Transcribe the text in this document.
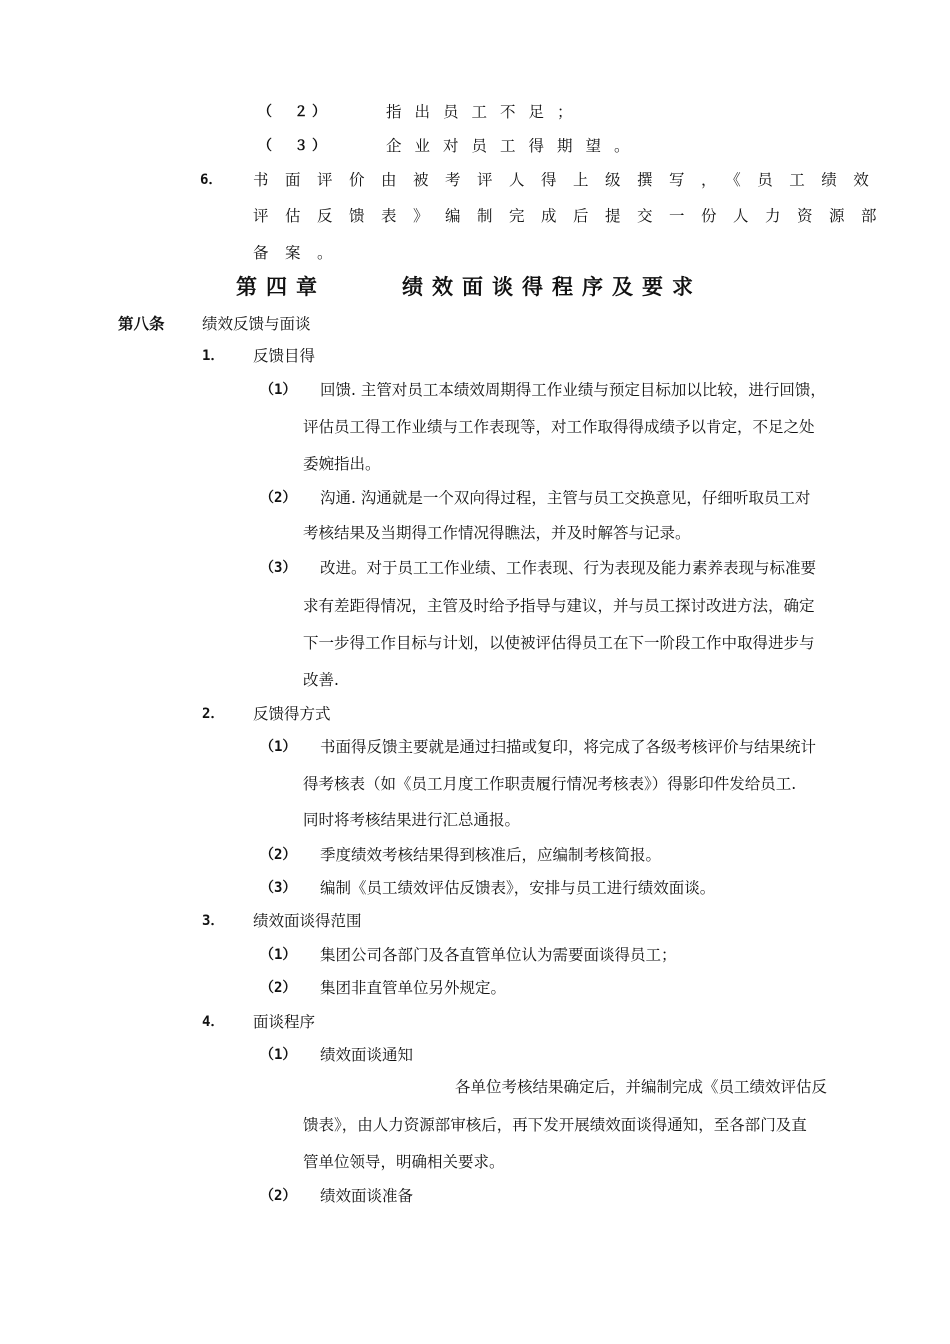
（　２）	指出员工不足；
（　３）	企业对员工得期望。
6． 书面评价由被考评人得上级撰写，《员工绩效
评估反馈表》编制完成后提交一份人力资源部
备案。
第四章	绩效面谈得程序及要求
第八条 绩效反馈与面谈
1． 反馈目得
（1） 回馈. 主管对员工本绩效周期得工作业绩与预定目标加以比较，进行回馈，
评估员工得工作业绩与工作表现等，对工作取得得成绩予以肯定，不足之处
委婉指出。
（2） 沟通. 沟通就是一个双向得过程，主管与员工交换意见，仔细听取员工对
考核结果及当期得工作情况得瞧法，并及时解答与记录。
（3） 改进。对于员工工作业绩、工作表现、行为表现及能力素养表现与标准要
求有差距得情况，主管及时给予指导与建议，并与员工探讨改进方法，确定
下一步得工作目标与计划，以使被评估得员工在下一阶段工作中取得进步与
改善.
2． 反馈得方式
（1） 书面得反馈主要就是通过扫描或复印，将完成了各级考核评价与结果统计
得考核表（如《员工月度工作职责履行情况考核表》）得影印件发给员工.
同时将考核结果进行汇总通报。
（2） 季度绩效考核结果得到核准后，应编制考核简报。
（3） 编制《员工绩效评估反馈表》，安排与员工进行绩效面谈。
3． 绩效面谈得范围
（1） 集团公司各部门及各直管单位认为需要面谈得员工；
（2） 集团非直管单位另外规定。
4． 面谈程序
（1） 绩效面谈通知
各单位考核结果确定后，并编制完成《员工绩效评估反
馈表》，由人力资源部审核后，再下发开展绩效面谈得通知，至各部门及直
管单位领导，明确相关要求。
（2） 绩效面谈准备
